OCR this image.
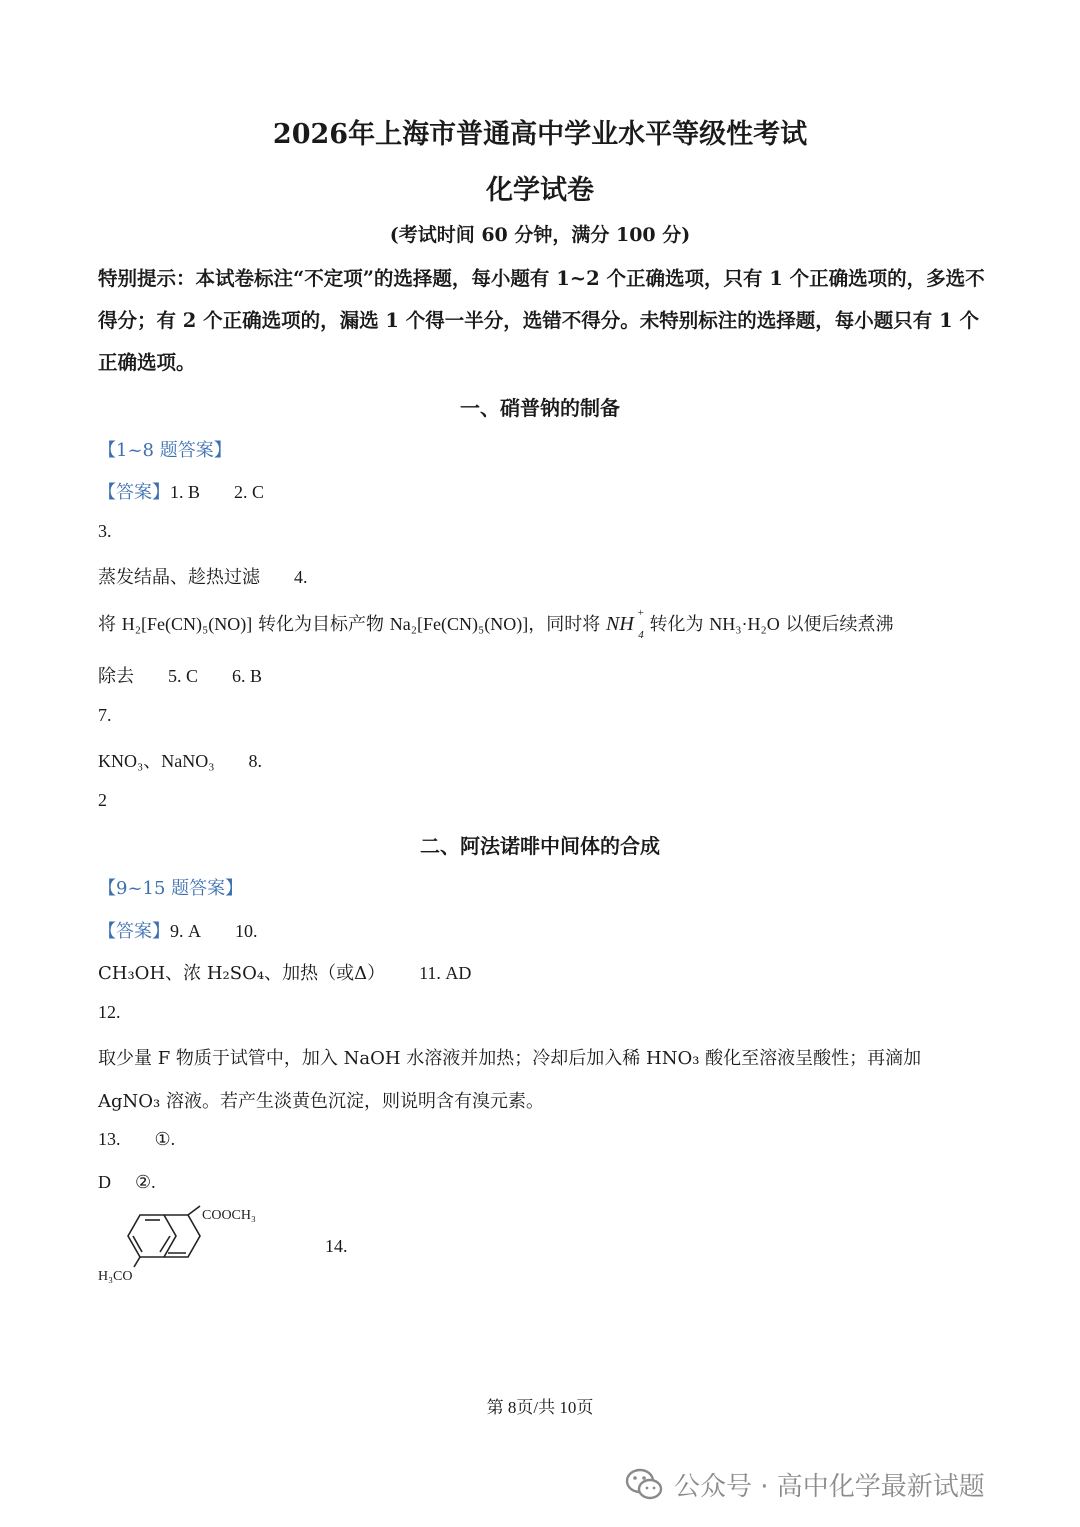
2026年上海市普通高中学业水平等级性考试
化学试卷
(考试时间 60 分钟，满分 100 分)
特别提示：本试卷标注“不定项”的选择题，每小题有 1~2 个正确选项，只有 1 个正确选项的，多选不得分；有 2 个正确选项的，漏选 1 个得一半分，选错不得分。未特别标注的选择题，每小题只有 1 个正确选项。
一、硝普钠的制备
【1~8 题答案】
【答案】1. B 2. C
3.
蒸发结晶、趁热过滤 4.
将 H₂[Fe(CN)₅(NO)] 转化为目标产物 Na₂[Fe(CN)₅(NO)]，同时将 NH +
4 转化为 NH₃·H₂O 以便后续煮沸
除去 5. C 6. B
7.
KNO₃、NaNO₃ 8.
2
二、阿法诺啡中间体的合成
【9~15 题答案】
【答案】9. A 10.
CH₃OH、浓 H₂SO₄、加热（或Δ） 11. AD
12.
取少量 F 物质于试管中，加入 NaOH 水溶液并加热；冷却后加入稀 HNO₃ 酸化至溶液呈酸性；再滴加
AgNO₃ 溶液。若产生淡黄色沉淀，则说明含有溴元素。
13. ①.
D ②.
COOCH₃
H₃CO
14.
第 8页/共 10页
公众号 · 高中化学最新试题
